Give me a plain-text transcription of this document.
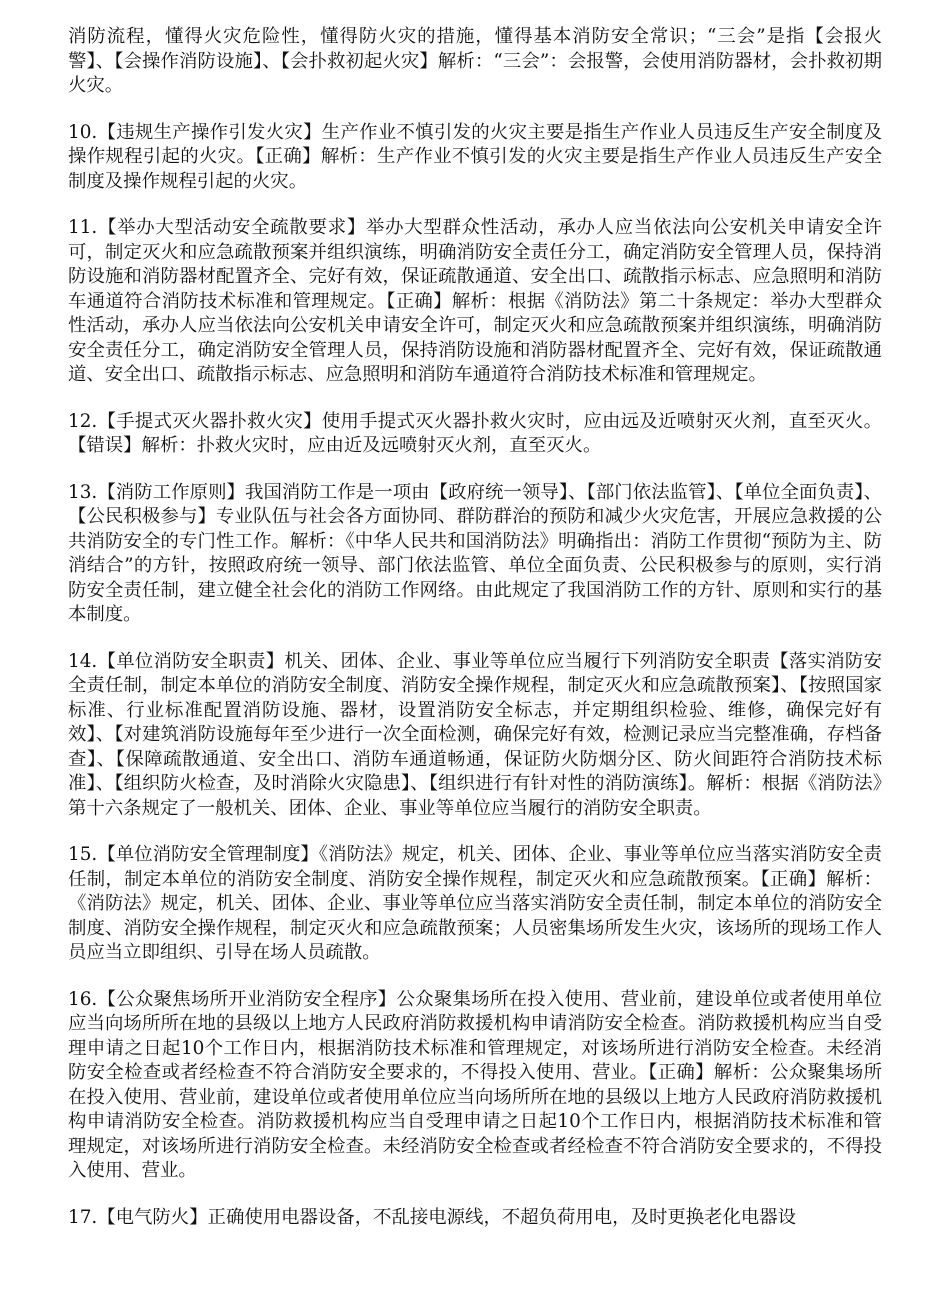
消防流程，懂得火灾危险性，懂得防火灾的措施，懂得基本消防安全常识；“三会”是指【会报火警】、【会操作消防设施】、【会扑救初起火灾】解析：“三会”：会报警，会使用消防器材，会扑救初期火灾。

10.【违规生产操作引发火灾】生产作业不慎引发的火灾主要是指生产作业人员违反生产安全制度及操作规程引起的火灾。【正确】解析：生产作业不慎引发的火灾主要是指生产作业人员违反生产安全制度及操作规程引起的火灾。

11.【举办大型活动安全疏散要求】举办大型群众性活动，承办人应当依法向公安机关申请安全许可，制定灭火和应急疏散预案并组织演练，明确消防安全责任分工，确定消防安全管理人员，保持消防设施和消防器材配置齐全、完好有效，保证疏散通道、安全出口、疏散指示标志、应急照明和消防车通道符合消防技术标准和管理规定。【正确】解析：根据《消防法》第二十条规定：举办大型群众性活动，承办人应当依法向公安机关申请安全许可，制定灭火和应急疏散预案并组织演练，明确消防安全责任分工，确定消防安全管理人员，保持消防设施和消防器材配置齐全、完好有效，保证疏散通道、安全出口、疏散指示标志、应急照明和消防车通道符合消防技术标准和管理规定。

12.【手提式灭火器扑救火灾】使用手提式灭火器扑救火灾时，应由远及近喷射灭火剂，直至灭火。【错误】解析：扑救火灾时，应由近及远喷射灭火剂，直至灭火。

13.【消防工作原则】我国消防工作是一项由【政府统一领导】、【部门依法监管】、【单位全面负责】、【公民积极参与】专业队伍与社会各方面协同、群防群治的预防和减少火灾危害，开展应急救援的公共消防安全的专门性工作。解析：《中华人民共和国消防法》明确指出：消防工作贯彻“预防为主、防消结合”的方针，按照政府统一领导、部门依法监管、单位全面负责、公民积极参与的原则，实行消防安全责任制，建立健全社会化的消防工作网络。由此规定了我国消防工作的方针、原则和实行的基本制度。

14.【单位消防安全职责】机关、团体、企业、事业等单位应当履行下列消防安全职责【落实消防安全责任制，制定本单位的消防安全制度、消防安全操作规程，制定灭火和应急疏散预案】、【按照国家标准、行业标准配置消防设施、器材，设置消防安全标志，并定期组织检验、维修，确保完好有效】、【对建筑消防设施每年至少进行一次全面检测，确保完好有效，检测记录应当完整准确，存档备查】、【保障疏散通道、安全出口、消防车通道畅通，保证防火防烟分区、防火间距符合消防技术标准】、【组织防火检查，及时消除火灾隐患】、【组织进行有针对性的消防演练】。解析：根据《消防法》第十六条规定了一般机关、团体、企业、事业等单位应当履行的消防安全职责。

15.【单位消防安全管理制度】《消防法》规定，机关、团体、企业、事业等单位应当落实消防安全责任制，制定本单位的消防安全制度、消防安全操作规程，制定灭火和应急疏散预案。【正确】解析：《消防法》规定，机关、团体、企业、事业等单位应当落实消防安全责任制，制定本单位的消防安全制度、消防安全操作规程，制定灭火和应急疏散预案；人员密集场所发生火灾，该场所的现场工作人员应当立即组织、引导在场人员疏散。

16.【公众聚焦场所开业消防安全程序】公众聚集场所在投入使用、营业前，建设单位或者使用单位应当向场所所在地的县级以上地方人民政府消防救援机构申请消防安全检查。消防救援机构应当自受理申请之日起10个工作日内，根据消防技术标准和管理规定，对该场所进行消防安全检查。未经消防安全检查或者经检查不符合消防安全要求的，不得投入使用、营业。【正确】解析：公众聚集场所在投入使用、营业前，建设单位或者使用单位应当向场所所在地的县级以上地方人民政府消防救援机构申请消防安全检查。消防救援机构应当自受理申请之日起10个工作日内，根据消防技术标准和管理规定，对该场所进行消防安全检查。未经消防安全检查或者经检查不符合消防安全要求的，不得投入使用、营业。

17.【电气防火】正确使用电器设备，不乱接电源线，不超负荷用电，及时更换老化电器设
